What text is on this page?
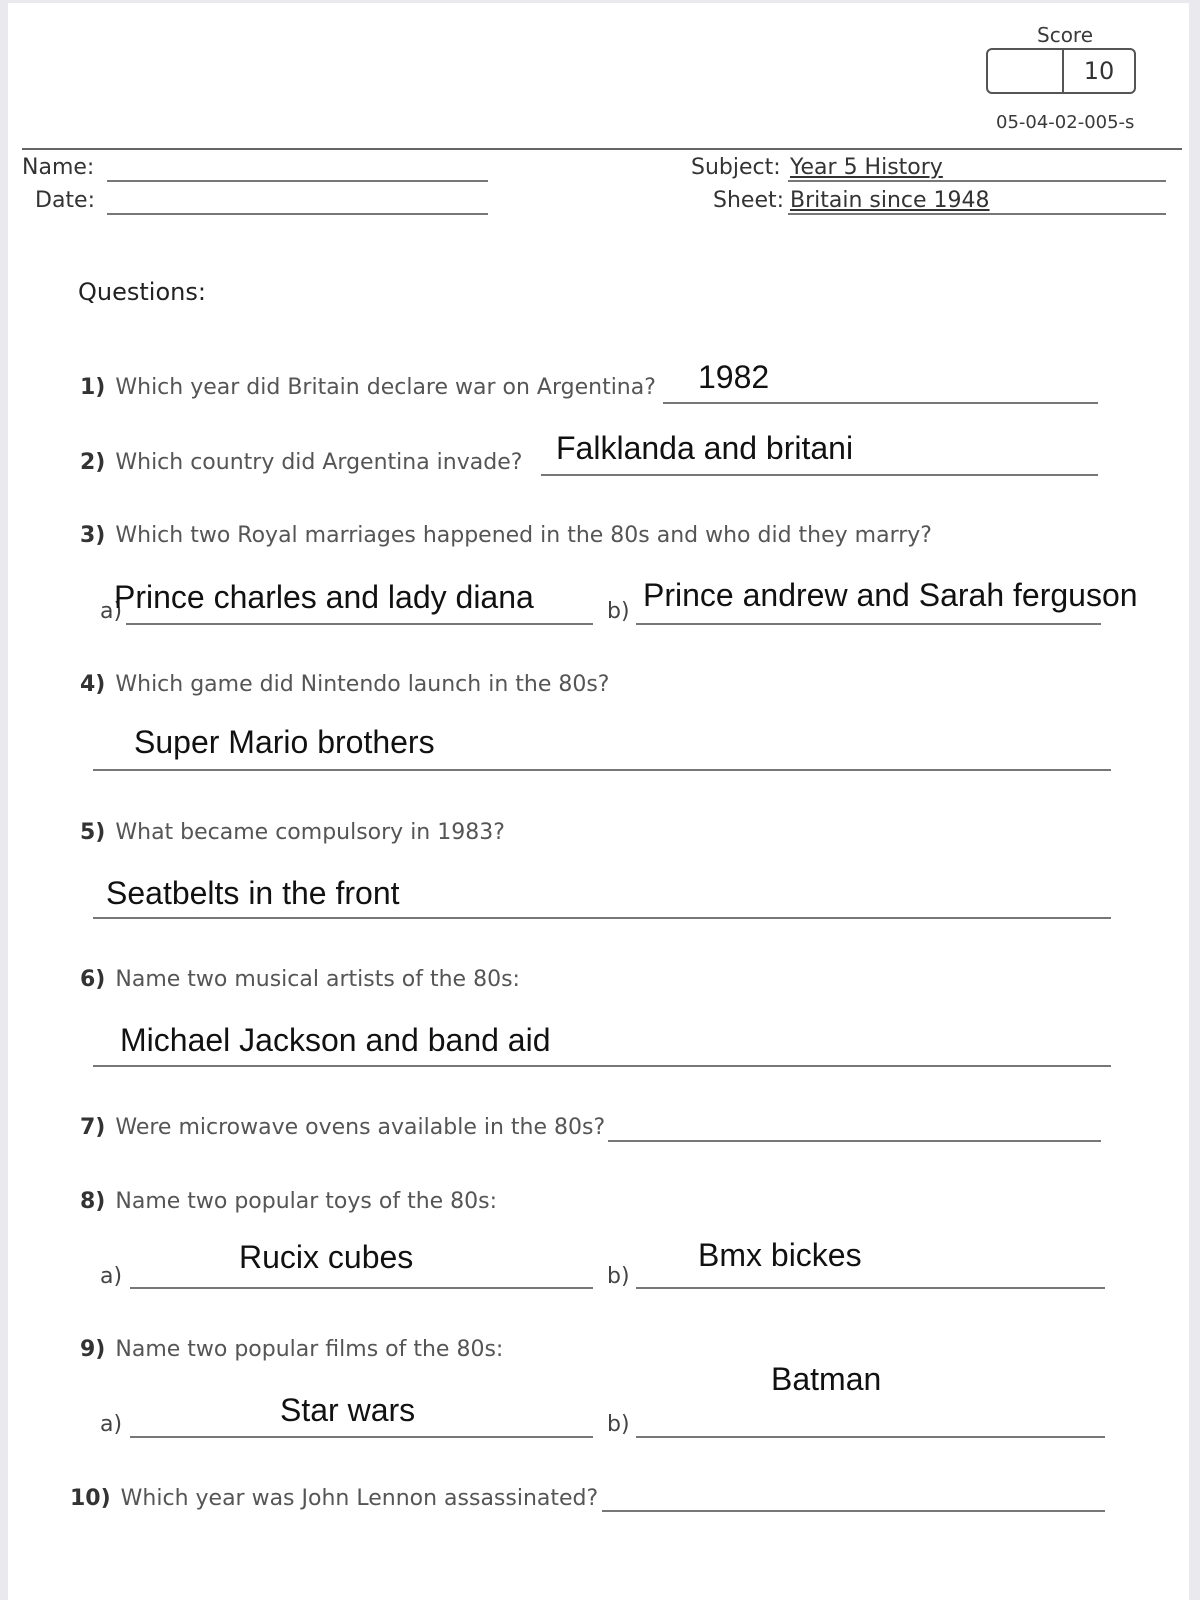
Score
10
05-04-02-005-s
Name:
Date:
Subject: Year 5 History
Sheet: Britain since 1948
Questions:
1) Which year did Britain declare war on Argentina? 1982
2) Which country did Argentina invade? Falklanda and britani
3) Which two Royal marriages happened in the 80s and who did they marry?
a)
Prince charles and lady diana	b) Prince andrew and Sarah ferguson
4) Which game did Nintendo launch in the 80s?
Super Mario brothers
5) What became compulsory in 1983?
Seatbelts in the front
6) Name two musical artists of the 80s:
Michael Jackson and band aid
7) Were microwave ovens available in the 80s?
8) Name two popular toys of the 80s:
a)
Rucix cubes
b)
Bmx bickes
9) Name two popular films of the 80s:
a)	Star wars	b)
Batman
10) Which year was John Lennon assassinated?
